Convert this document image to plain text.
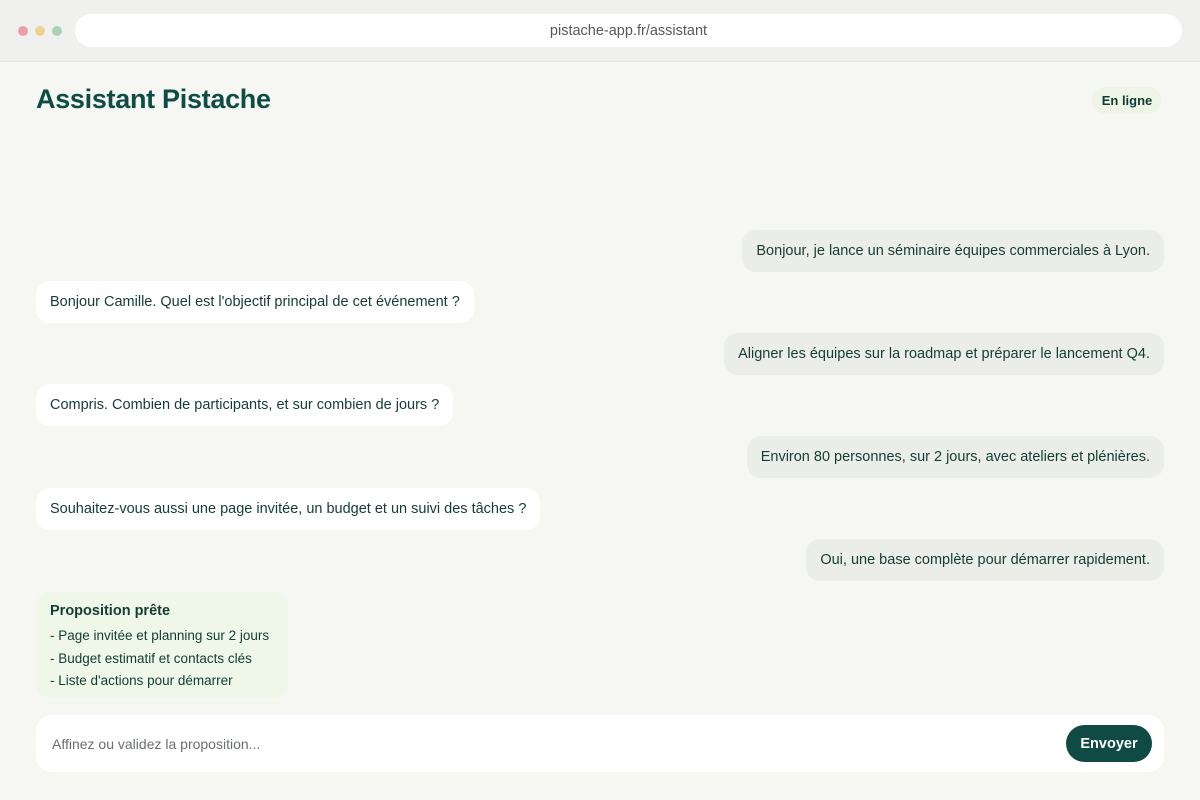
pistache-app.fr/assistant
Assistant Pistache	En ligne
Bonjour, je lance un séminaire équipes commerciales à Lyon.
Bonjour Camille. Quel est l'objectif principal de cet événement ?
Aligner les équipes sur la roadmap et préparer le lancement Q4.
Compris. Combien de participants, et sur combien de jours ?
Environ 80 personnes, sur 2 jours, avec ateliers et plénières.
Souhaitez-vous aussi une page invitée, un budget et un suivi des tâches ?
Oui, une base complète pour démarrer rapidement.
Proposition prête
- Page invitée et planning sur 2 jours
- Budget estimatif et contacts clés
- Liste d'actions pour démarrer
Affinez ou validez la proposition...
Envoyer
